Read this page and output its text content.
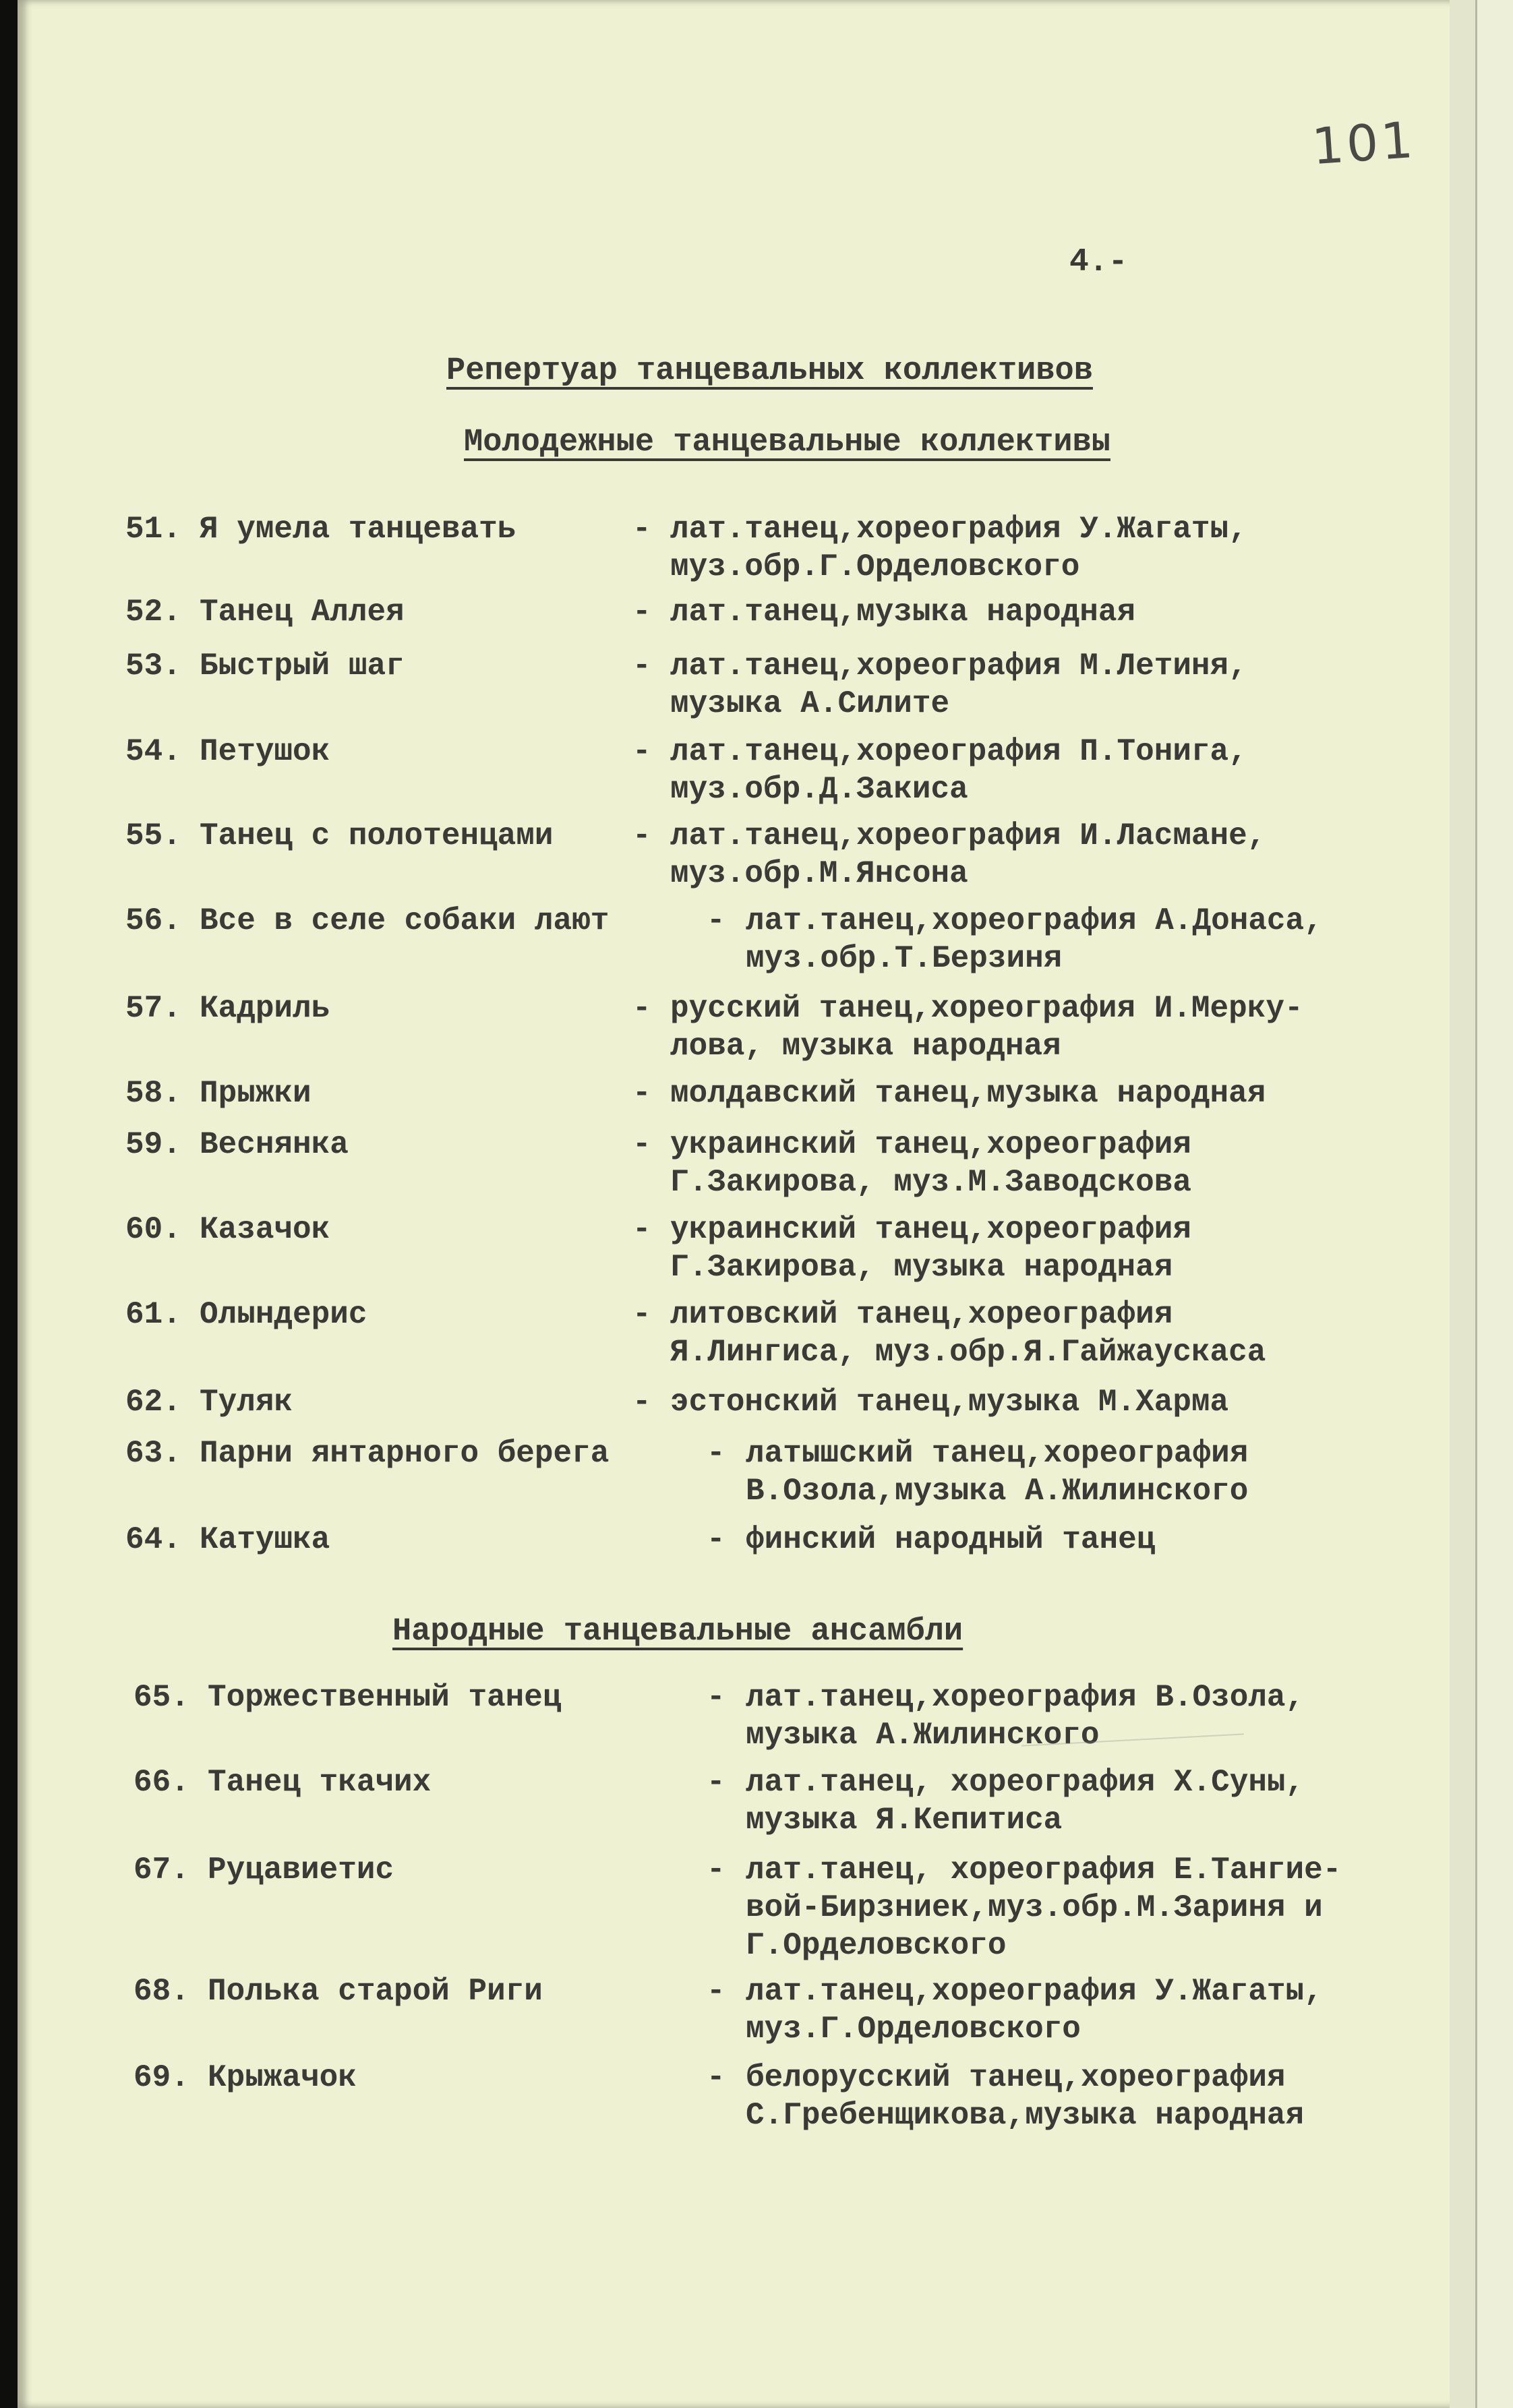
101
4.-
Репертуар танцевальных коллективов
Молодежные танцевальные коллективы
51. Я умела танцевать	- лат.танец,хореография У.Жагаты,
муз.обр.Г.Орделовского
52. Танец Аллея	- лат.танец,музыка народная
53. Быстрый шаг	- лат.танец,хореография М.Летиня,
музыка А.Силите
54. Петушок	- лат.танец,хореография П.Тонига,
муз.обр.Д.Закиса
55. Танец с полотенцами	- лат.танец,хореография И.Ласмане,
муз.обр.М.Янсона
56. Все в селе собаки лают	- лат.танец,хореография А.Донаса,
муз.обр.Т.Берзиня
57. Кадриль	- русский танец,хореография И.Мерку-
лова, музыка народная
58. Прыжки	- молдавский танец,музыка народная
59. Веснянка	- украинский танец,хореография
Г.Закирова, муз.М.Заводскова
60. Казачок	- украинский танец,хореография
Г.Закирова, музыка народная
61. Олындерис	- литовский танец,хореография
Я.Лингиса, муз.обр.Я.Гайжаускаса
62. Туляк	- эстонский танец,музыка М.Харма
63. Парни янтарного берега	- латышский танец,хореография
В.Озола,музыка А.Жилинского
64. Катушка	- финский народный танец
Народные танцевальные ансамбли
65. Торжественный танец	- лат.танец,хореография В.Озола,
музыка А.Жилинского
66. Танец ткачих	- лат.танец, хореография Х.Суны,
музыка Я.Кепитиса
67. Руцавиетис	- лат.танец, хореография Е.Тангие-
вой-Бирзниек,муз.обр.М.Зариня и
Г.Орделовского
68. Полька старой Риги	- лат.танец,хореография У.Жагаты,
муз.Г.Орделовского
69. Крыжачок	- белорусский танец,хореография
С.Гребенщикова,музыка народная
